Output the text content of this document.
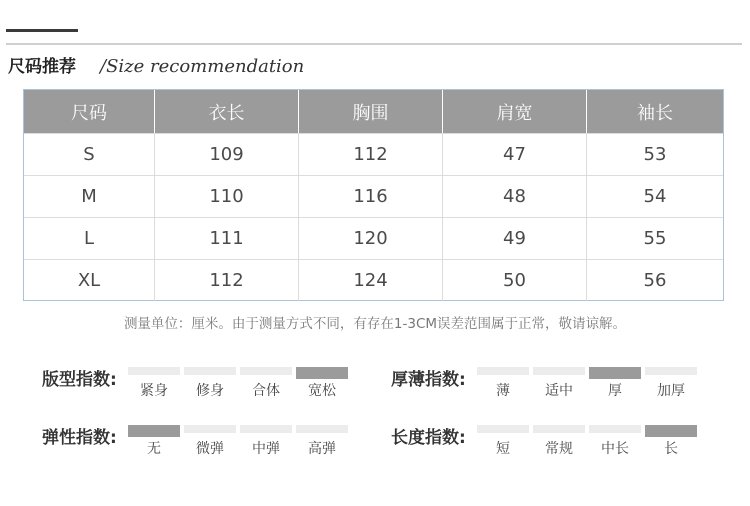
尺码推荐 /Size recommendation
尺码	衣长	胸围	肩宽	袖长
S	109	112	47	53
M	110	116	48	54
L	111	120	49	55
XL	112	124	50	56
测量单位：厘米。由于测量方式不同，有存在1-3CM误差范围属于正常，敬请谅解。
版型指数:
紧身 修身 合体 宽松
厚薄指数:
薄	适中	厚	加厚
弹性指数:
无	微弹 中弹 高弹
长度指数:
短	常规 中长	长
